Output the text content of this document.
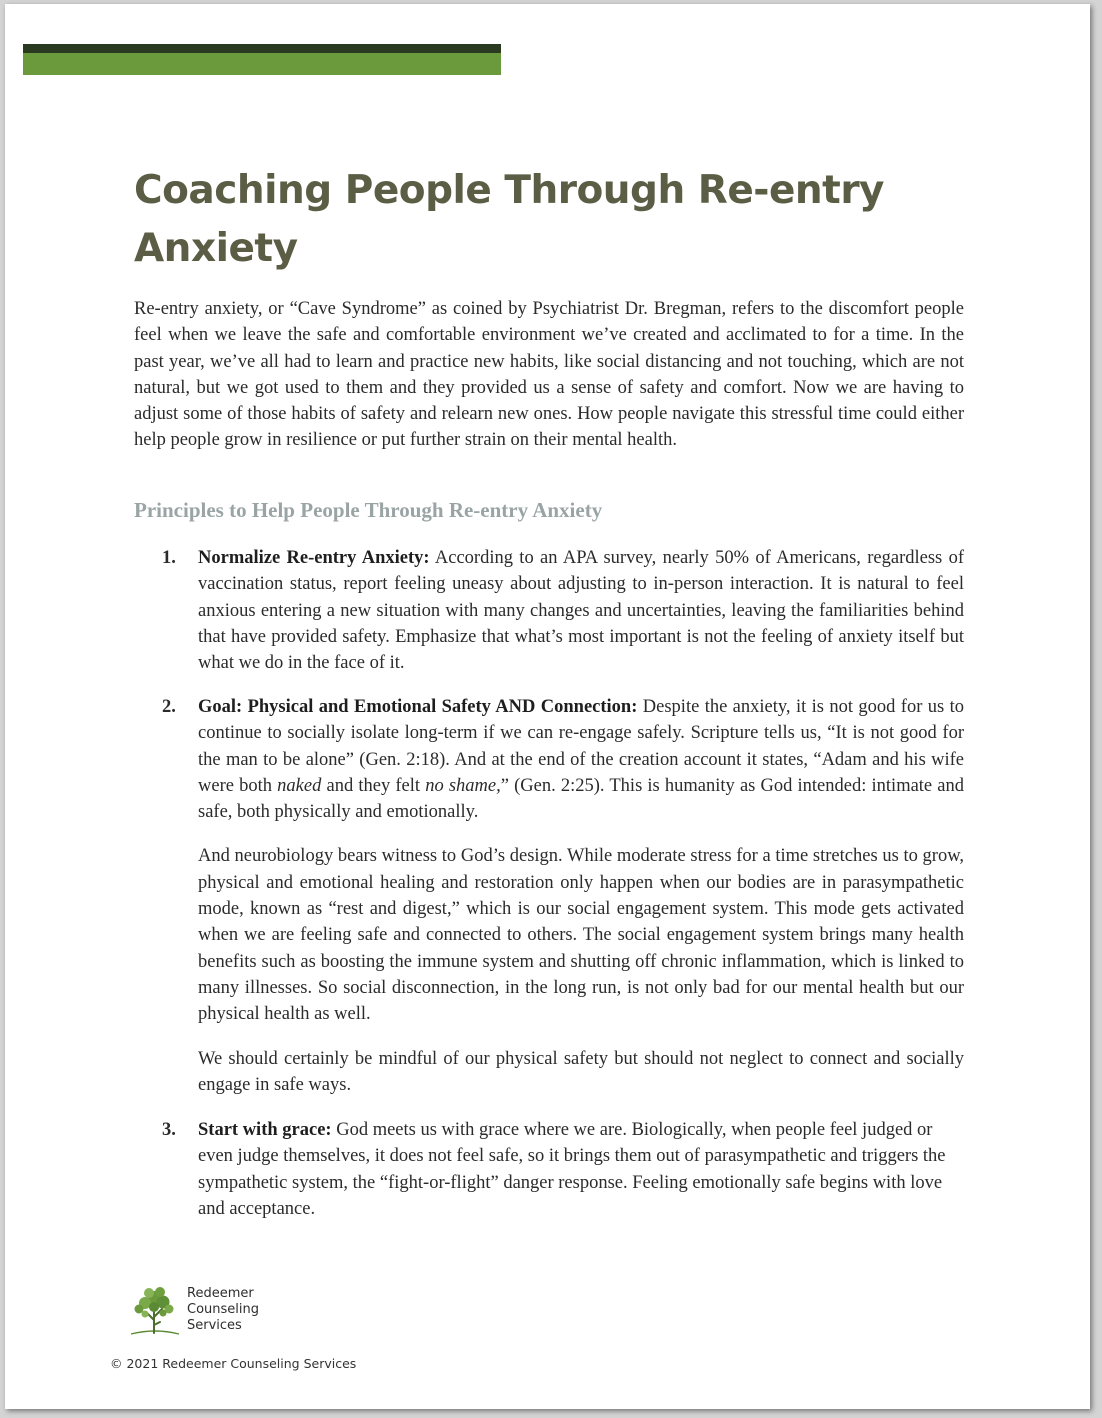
Coaching People Through Re-entry Anxiety

Re-entry anxiety, or “Cave Syndrome” as coined by Psychiatrist Dr. Bregman, refers to the discomfort people feel when we leave the safe and comfortable environment we’ve created and acclimated to for a time. In the past year, we’ve all had to learn and practice new habits, like social distancing and not touching, which are not natural, but we got used to them and they provided us a sense of safety and comfort. Now we are having to adjust some of those habits of safety and relearn new ones. How people navigate this stressful time could either help people grow in resilience or put further strain on their mental health.

Principles to Help People Through Re-entry Anxiety
1. Normalize Re-entry Anxiety: According to an APA survey, nearly 50% of Americans, regardless of vaccination status, report feeling uneasy about adjusting to in-person interaction. It is natural to feel anxious entering a new situation with many changes and uncertainties, leaving the familiarities behind that have provided safety. Emphasize that what’s most important is not the feeling of anxiety itself but what we do in the face of it.

2. Goal: Physical and Emotional Safety AND Connection: Despite the anxiety, it is not good for us to continue to socially isolate long-term if we can re-engage safely. Scripture tells us, “It is not good for the man to be alone” (Gen. 2:18). And at the end of the creation account it states, “Adam and his wife were both naked and they felt no shame,” (Gen. 2:25). This is humanity as God intended: intimate and safe, both physically and emotionally.

And neurobiology bears witness to God’s design. While moderate stress for a time stretches us to grow, physical and emotional healing and restoration only happen when our bodies are in parasympathetic mode, known as “rest and digest,” which is our social engagement system. This mode gets activated when we are feeling safe and connected to others. The social engagement system brings many health benefits such as boosting the immune system and shutting off chronic inflammation, which is linked to many illnesses. So social disconnection, in the long run, is not only bad for our mental health but our physical health as well.

We should certainly be mindful of our physical safety but should not neglect to connect and socially engage in safe ways.

3. Start with grace: God meets us with grace where we are. Biologically, when people feel judged or even judge themselves, it does not feel safe, so it brings them out of parasympathetic and triggers the sympathetic system, the “fight-or-flight” danger response. Feeling emotionally safe begins with love and acceptance.

Redeemer
Counseling
Services

© 2021 Redeemer Counseling Services
